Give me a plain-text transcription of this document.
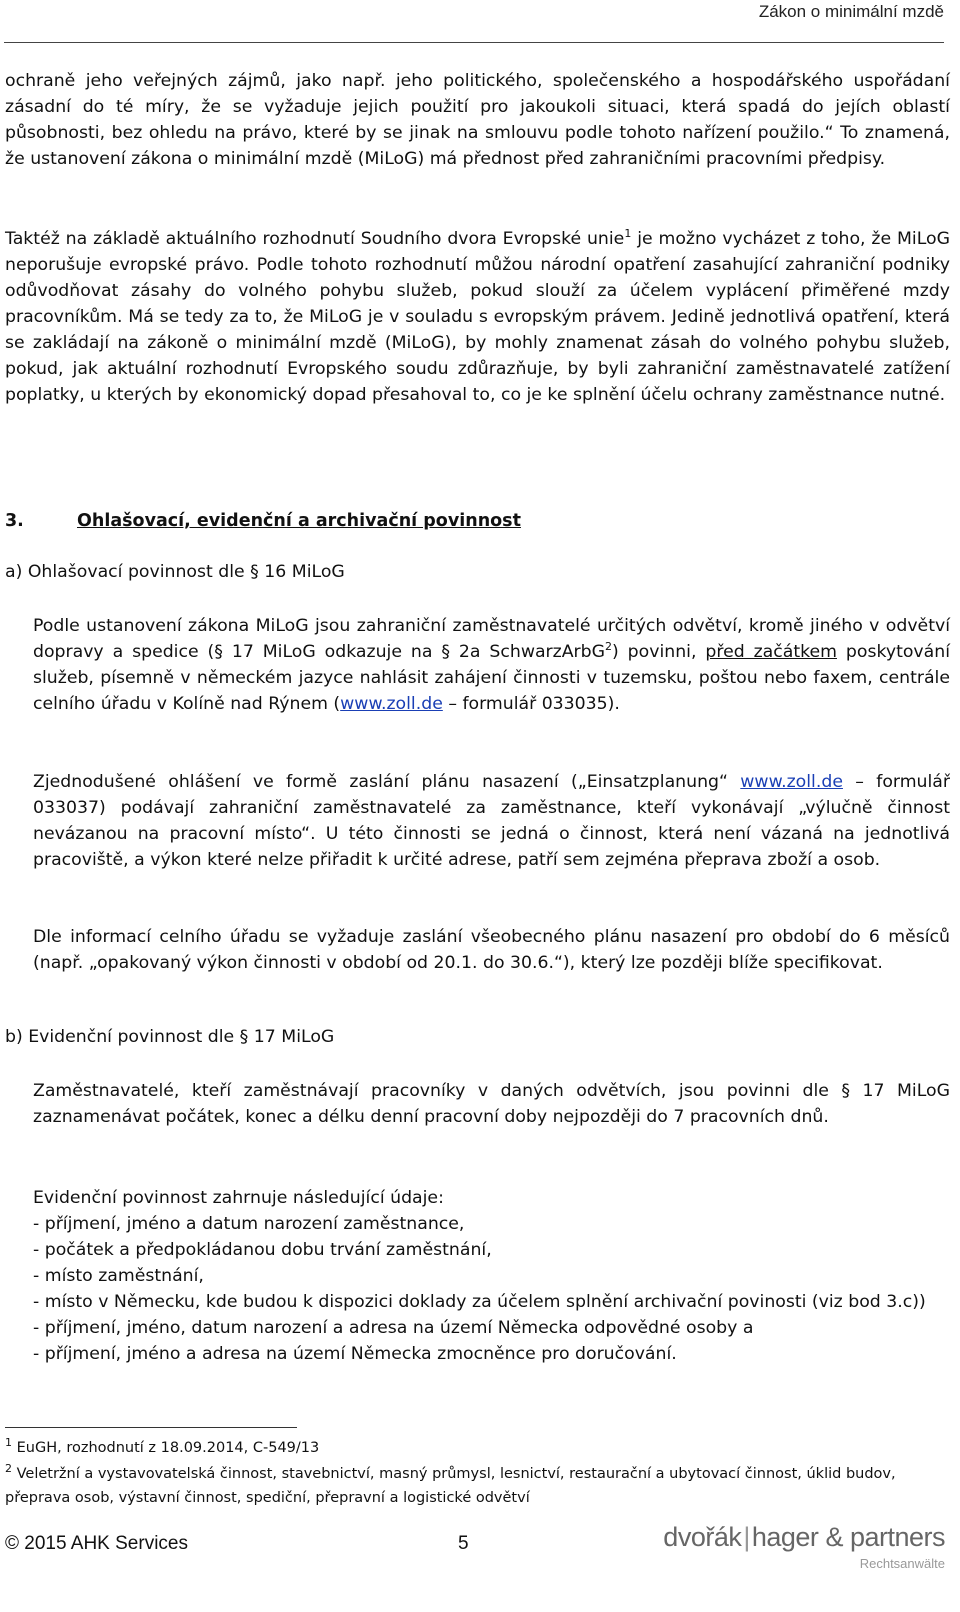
Zákon o minimální mzdě
ochraně jeho veřejných zájmů, jako např. jeho politického, společenského a hospodářského uspořádaní zásadní do té míry, že se vyžaduje jejich použití pro jakoukoli situaci, která spadá do jejích oblastí působnosti, bez ohledu na právo, které by se jinak na smlouvu podle tohoto nařízení použilo.“ To znamená, že ustanovení zákona o minimální mzdě (MiLoG) má přednost před zahraničními pracovními předpisy.
Taktéž na základě aktuálního rozhodnutí Soudního dvora Evropské unie$^1$ je možno vycházet z toho, že MiLoG neporušuje evropské právo. Podle tohoto rozhodnutí můžou národní opatření zasahující zahraniční podniky odůvodňovat zásahy do volného pohybu služeb, pokud slouží za účelem vyplácení přiměřené mzdy pracovníkům. Má se tedy za to, že MiLoG je v souladu s evropským právem. Jedině jednotlivá opatření, která se zakládají na zákoně o minimální mzdě (MiLoG), by mohly znamenat zásah do volného pohybu služeb, pokud, jak aktuální rozhodnutí Evropského soudu zdůrazňuje, by byli zahraniční zaměstnavatelé zatížení poplatky, u kterých by ekonomický dopad přesahoval to, co je ke splnění účelu ochrany zaměstnance nutné.
3.	Ohlašovací, evidenční a archivační povinnost
a) Ohlašovací povinnost dle § 16 MiLoG
Podle ustanovení zákona MiLoG jsou zahraniční zaměstnavatelé určitých odvětví, kromě jiného v odvětví dopravy a spedice (§ 17 MiLoG odkazuje na § 2a SchwarzArbG$^2$) povinni, před začátkem poskytování služeb, písemně v německém jazyce nahlásit zahájení činnosti v tuzemsku, poštou nebo faxem, centrále celního úřadu v Kolíně nad Rýnem (www.zoll.de – formulář 033035).
Zjednodušené ohlášení ve formě zaslání plánu nasazení („Einsatzplanung“ www.zoll.de – formulář 033037) podávají zahraniční zaměstnavatelé za zaměstnance, kteří vykonávají „výlučně činnost nevázanou na pracovní místo“. U této činnosti se jedná o činnost, která není vázaná na jednotlivá pracoviště, a výkon které nelze přiřadit k určité adrese, patří sem zejména přeprava zboží a osob.
Dle informací celního úřadu se vyžaduje zaslání všeobecného plánu nasazení pro období do 6 měsíců (např. „opakovaný výkon činnosti v období od 20.1. do 30.6.“), který lze později blíže specifikovat.
b) Evidenční povinnost dle § 17 MiLoG
Zaměstnavatelé, kteří zaměstnávají pracovníky v daných odvětvích, jsou povinni dle § 17 MiLoG zaznamenávat počátek, konec a délku denní pracovní doby nejpozději do 7 pracovních dnů.
Evidenční povinnost zahrnuje následující údaje:
- příjmení, jméno a datum narození zaměstnance,
- počátek a předpokládanou dobu trvání zaměstnání,
- místo zaměstnání,
- místo v Německu, kde budou k dispozici doklady za účelem splnění archivační povinosti (viz bod 3.c))
- příjmení, jméno, datum narození a adresa na území Německa odpovědné osoby a
- příjmení, jméno a adresa na území Německa zmocněnce pro doručování.
$^1$ EuGH, rozhodnutí z 18.09.2014, C-549/13
$^2$ Veletržní a vystavovatelská činnost, stavebnictví, masný průmysl, lesnictví, restaurační a ubytovací činnost, úklid budov, přeprava osob, výstavní činnost, spediční, přepravní a logistické odvětví
© 2015 AHK Services	5	dvořák|hager & partners
Rechtsanwälte
